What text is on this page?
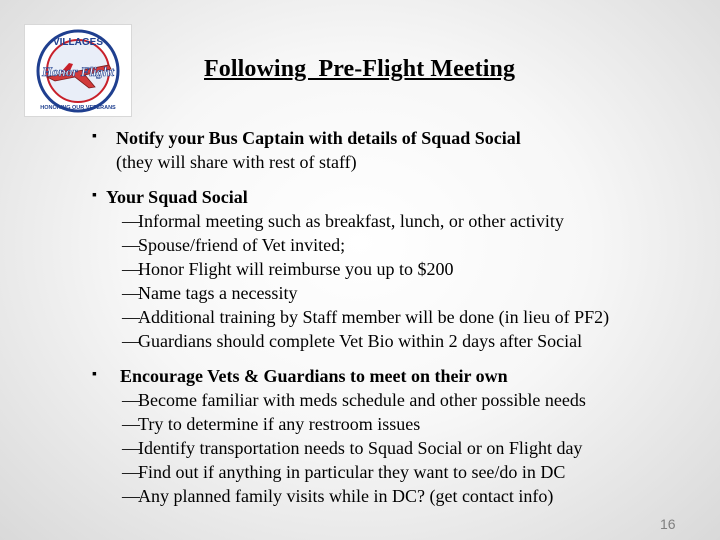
VILLAGES
Honor Flight
HONORING OUR VETERANS
Following  Pre-Flight Meeting
▪ Notify your Bus Captain with details of Squad Social
(they will share with rest of staff)
▪ Your Squad Social
—Informal meeting such as breakfast, lunch, or other activity
—Spouse/friend of Vet invited;
—Honor Flight will reimburse you up to $200
—Name tags a necessity
—Additional training by Staff member will be done (in lieu of PF2)
—Guardians should complete Vet Bio within 2 days after Social
▪ Encourage Vets & Guardians to meet on their own
—Become familiar with meds schedule and other possible needs
—Try to determine if any restroom issues
—Identify transportation needs to Squad Social or on Flight day
—Find out if anything in particular they want to see/do in DC
—Any planned family visits while in DC? (get contact info)
16
